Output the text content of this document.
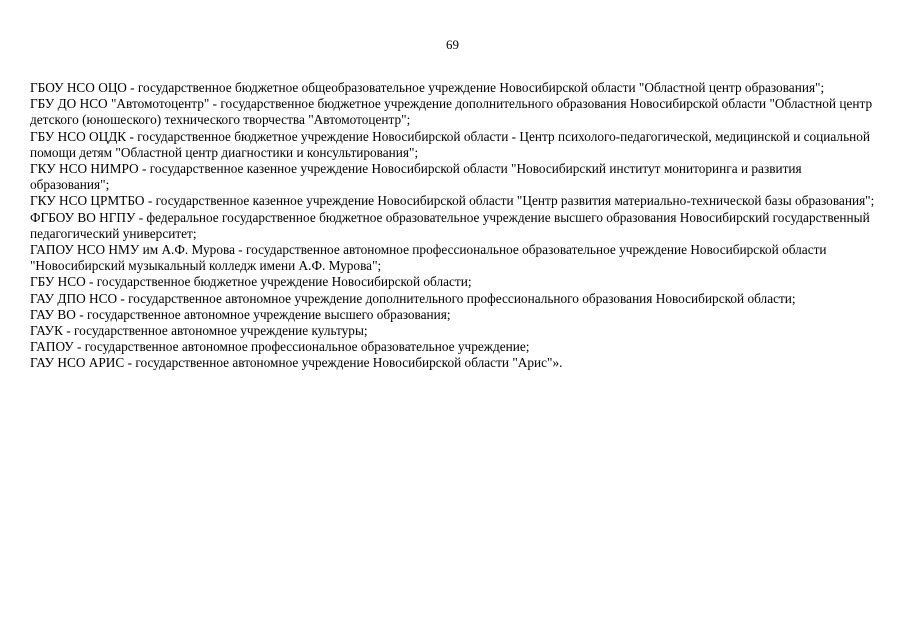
69
ГБОУ НСО ОЦО - государственное бюджетное общеобразовательное учреждение Новосибирской области "Областной центр образования";
ГБУ ДО НСО "Автомотоцентр" - государственное бюджетное учреждение дополнительного образования Новосибирской области "Областной центр детского (юношеского) технического творчества "Автомотоцентр";
ГБУ НСО ОЦДК - государственное бюджетное учреждение Новосибирской области - Центр психолого-педагогической, медицинской и социальной помощи детям "Областной центр диагностики и консультирования";
ГКУ НСО НИМРО - государственное казенное учреждение Новосибирской области "Новосибирский институт мониторинга и развития образования";
ГКУ НСО ЦРМТБО - государственное казенное учреждение Новосибирской области "Центр развития материально-технической базы образования";
ФГБОУ ВО НГПУ - федеральное государственное бюджетное образовательное учреждение высшего образования Новосибирский государственный педагогический университет;
ГАПОУ НСО НМУ им А.Ф. Мурова - государственное автономное профессиональное образовательное учреждение Новосибирской области "Новосибирский музыкальный колледж имени А.Ф. Мурова";
ГБУ НСО - государственное бюджетное учреждение Новосибирской области;
ГАУ ДПО НСО - государственное автономное учреждение дополнительного профессионального образования Новосибирской области;
ГАУ ВО - государственное автономное учреждение высшего образования;
ГАУК - государственное автономное учреждение культуры;
ГАПОУ - государственное автономное профессиональное образовательное учреждение;
ГАУ НСО АРИС - государственное автономное учреждение Новосибирской области "Арис"».
